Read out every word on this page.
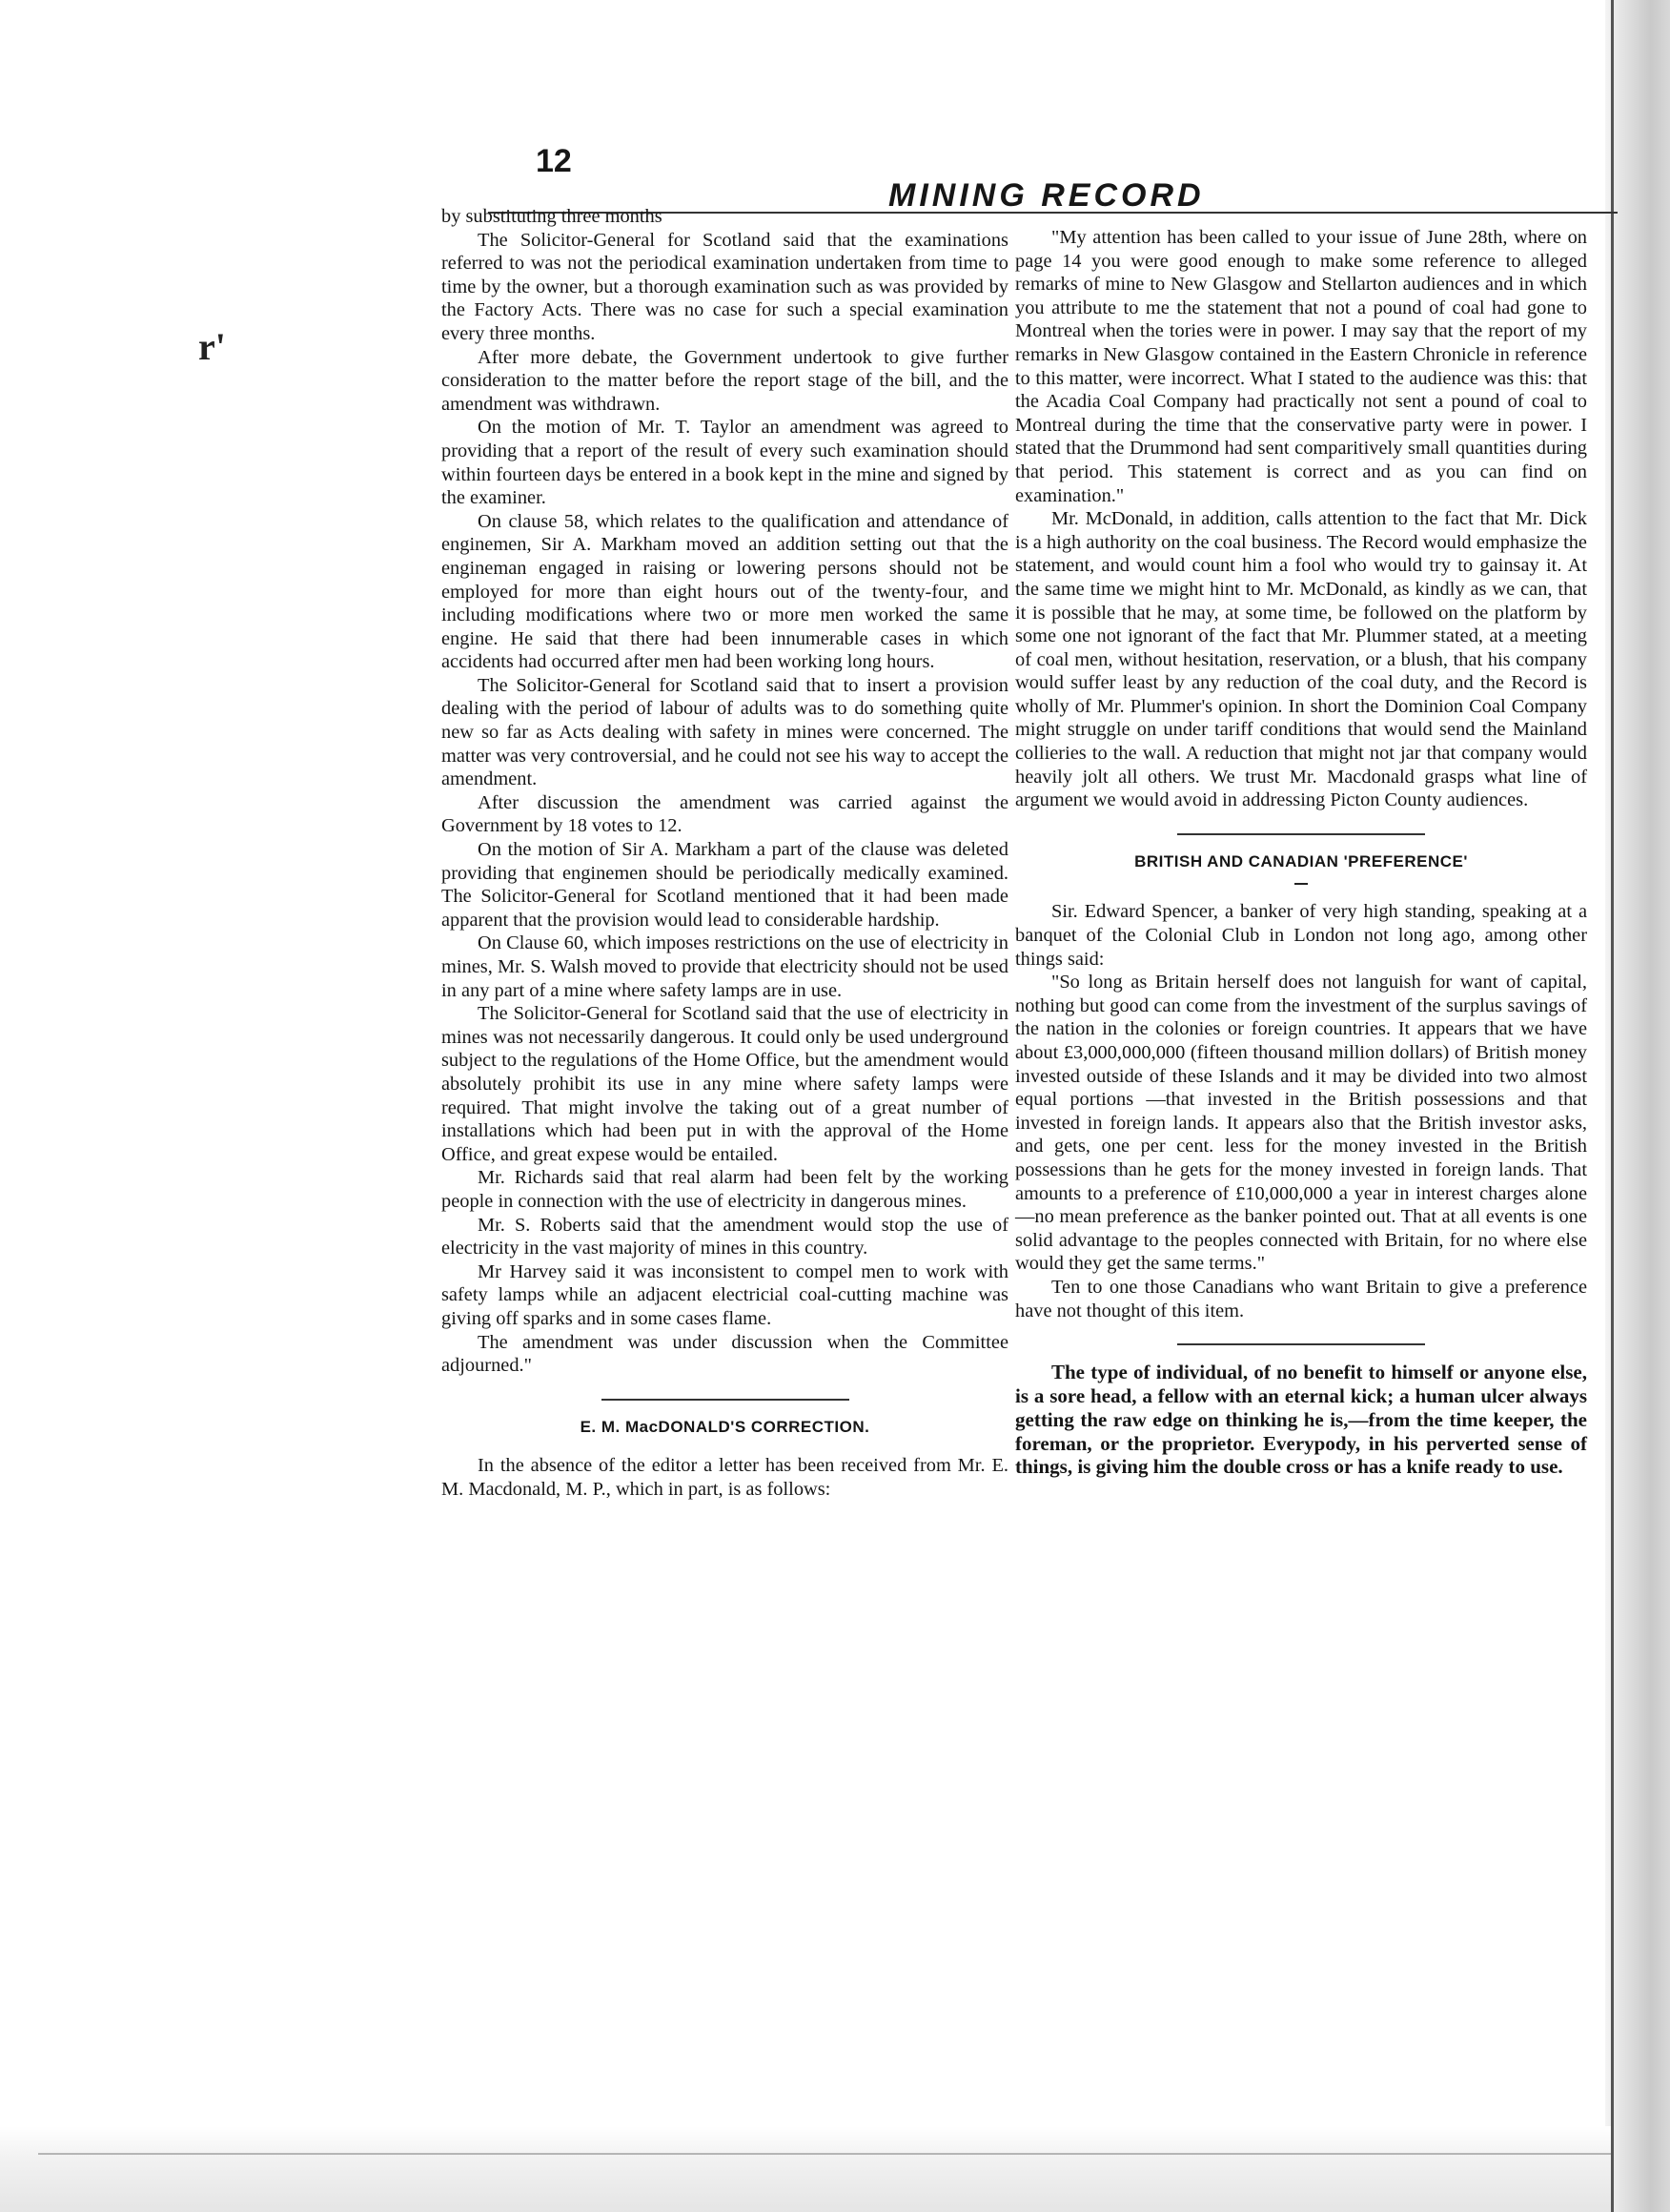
r'
12
MINING RECORD

by substituting three months

The Solicitor-General for Scotland said that the examinations referred to was not the periodical examination undertaken from time to time by the owner, but a thorough examination such as was provided by the Factory Acts. There was no case for such a special examination every three months.

After more debate, the Government undertook to give further consideration to the matter before the report stage of the bill, and the amendment was withdrawn.

On the motion of Mr. T. Taylor an amendment was agreed to providing that a report of the result of every such examination should within fourteen days be entered in a book kept in the mine and signed by the examiner.

On clause 58, which relates to the qualification and attendance of enginemen, Sir A. Markham moved an addition setting out that the engineman engaged in raising or lowering persons should not be employed for more than eight hours out of the twenty-four, and including modifications where two or more men worked the same engine. He said that there had been innumerable cases in which accidents had occurred after men had been working long hours.

The Solicitor-General for Scotland said that to insert a provision dealing with the period of labour of adults was to do something quite new so far as Acts dealing with safety in mines were concerned. The matter was very controversial, and he could not see his way to accept the amendment.

After discussion the amendment was carried against the Government by 18 votes to 12.

On the motion of Sir A. Markham a part of the clause was deleted providing that enginemen should be periodically medically examined. The Solicitor-General for Scotland mentioned that it had been made apparent that the provision would lead to considerable hardship.

On Clause 60, which imposes restrictions on the use of electricity in mines, Mr. S. Walsh moved to provide that electricity should not be used in any part of a mine where safety lamps are in use.

The Solicitor-General for Scotland said that the use of electricity in mines was not necessarily dangerous. It could only be used underground subject to the regulations of the Home Office, but the amendment would absolutely prohibit its use in any mine where safety lamps were required. That might involve the taking out of a great number of installations which had been put in with the approval of the Home Office, and great expese would be entailed.

Mr. Richards said that real alarm had been felt by the working people in connection with the use of electricity in dangerous mines.

Mr. S. Roberts said that the amendment would stop the use of electricity in the vast majority of mines in this country.

Mr Harvey said it was inconsistent to compel men to work with safety lamps while an adjacent electricial coal-cutting machine was giving off sparks and in some cases flame.

The amendment was under discussion when the Committee adjourned."

E. M. MacDONALD'S CORRECTION.

In the absence of the editor a letter has been received from Mr. E. M. Macdonald, M. P., which in part, is as follows:

"My attention has been called to your issue of June 28th, where on page 14 you were good enough to make some reference to alleged remarks of mine to New Glasgow and Stellarton audiences and in which you attribute to me the statement that not a pound of coal had gone to Montreal when the tories were in power. I may say that the report of my remarks in New Glasgow contained in the Eastern Chronicle in reference to this matter, were incorrect. What I stated to the audience was this: that the Acadia Coal Company had practically not sent a pound of coal to Montreal during the time that the conservative party were in power. I stated that the Drummond had sent comparitively small quantities during that period. This statement is correct and as you can find on examination."

Mr. McDonald, in addition, calls attention to the fact that Mr. Dick is a high authority on the coal business. The Record would emphasize the statement, and would count him a fool who would try to gainsay it. At the same time we might hint to Mr. McDonald, as kindly as we can, that it is possible that he may, at some time, be followed on the platform by some one not ignorant of the fact that Mr. Plummer stated, at a meeting of coal men, without hesitation, reservation, or a blush, that his company would suffer least by any reduction of the coal duty, and the Record is wholly of Mr. Plummer's opinion. In short the Dominion Coal Company might struggle on under tariff conditions that would send the Mainland collieries to the wall. A reduction that might not jar that company would heavily jolt all others. We trust Mr. Macdonald grasps what line of argument we would avoid in addressing Picton County audiences.

BRITISH AND CANADIAN 'PREFERENCE'

Sir. Edward Spencer, a banker of very high standing, speaking at a banquet of the Colonial Club in London not long ago, among other things said:

"So long as Britain herself does not languish for want of capital, nothing but good can come from the investment of the surplus savings of the nation in the colonies or foreign countries. It appears that we have about £3,000,000,000 (fifteen thousand million dollars) of British money invested outside of these Islands and it may be divided into two almost equal portions —that invested in the British possessions and that invested in foreign lands. It appears also that the British investor asks, and gets, one per cent. less for the money invested in the British possessions than he gets for the money invested in foreign lands. That amounts to a preference of £10,000,000 a year in interest charges alone—no mean preference as the banker pointed out. That at all events is one solid advantage to the peoples connected with Britain, for no where else would they get the same terms."

Ten to one those Canadians who want Britain to give a preference have not thought of this item.

The type of individual, of no benefit to himself or anyone else, is a sore head, a fellow with an eternal kick; a human ulcer always getting the raw edge on thinking he is,—from the time keeper, the foreman, or the proprietor. Everypody, in his perverted sense of things, is giving him the double cross or has a knife ready to use.
